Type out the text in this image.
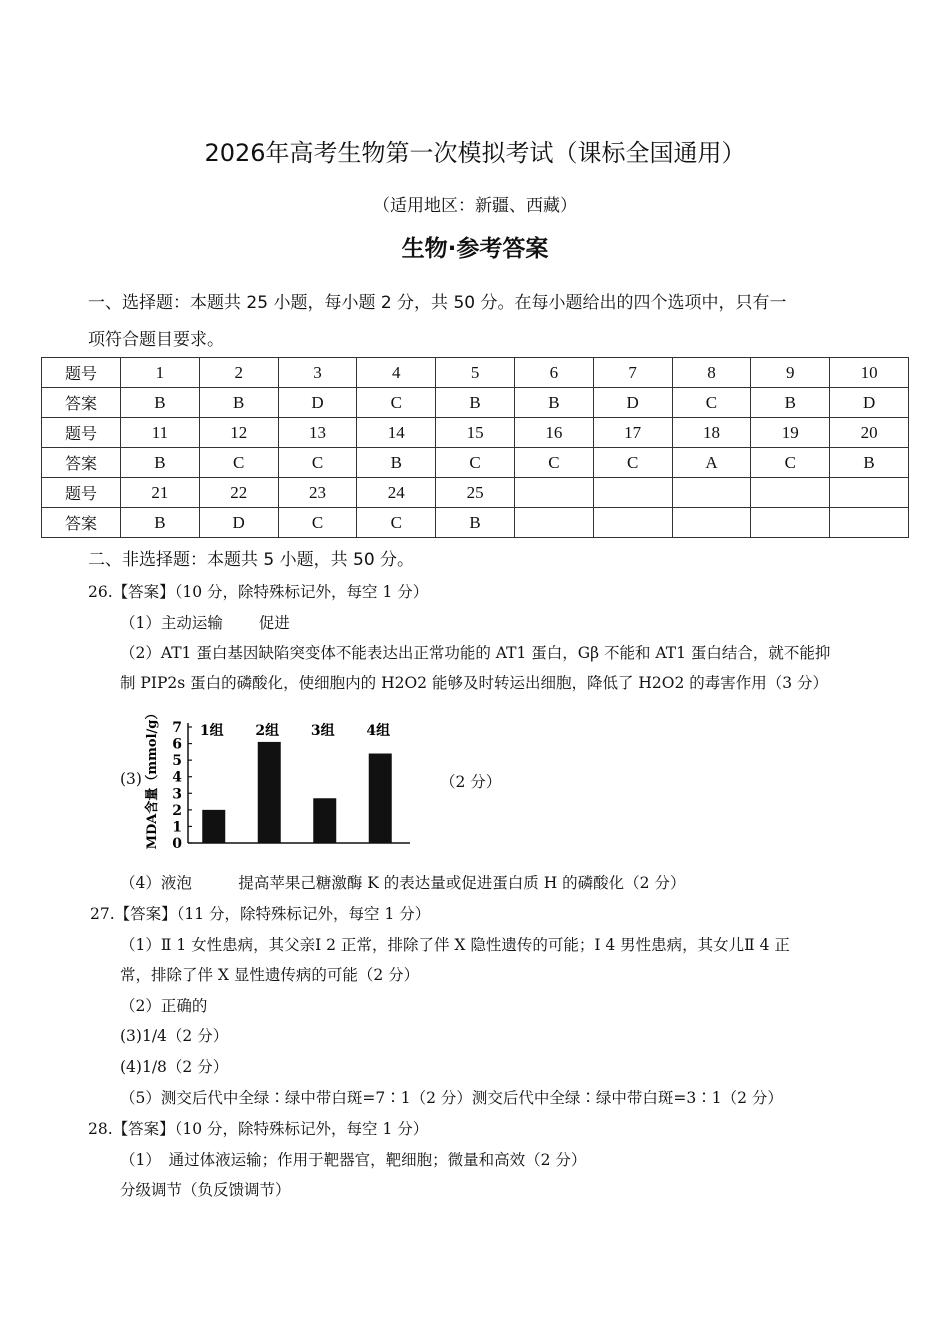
2026年高考生物第一次模拟考试（课标全国通用）
（适用地区：新疆、西藏）
生物·参考答案
一、选择题：本题共 25 小题，每小题 2 分，共 50 分。在每小题给出的四个选项中，只有一
项符合题目要求。
题号	1	2	3	4	5	6	7	8	9	10
答案	B	B	D	C	B	B	D	C	B	D
题号	11	12	13	14	15	16	17	18	19	20
答案	B	C	C	B	C	C	C	A	C	B
题号	21	22	23	24	25					
答案	B	D	C	C	B					
二、非选择题：本题共 5 小题，共 50 分。
26.【答案】（10 分，除特殊标记外，每空 1 分）
（1）主动运输　　 促进
（2）AT1 蛋白基因缺陷突变体不能表达出正常功能的 AT1 蛋白，Gβ 不能和 AT1 蛋白结合，就不能抑
制 PIP2s 蛋白的磷酸化，使细胞内的 H2O2 能够及时转运出细胞，降低了 H2O2 的毒害作用（3 分）
(3) MDA含量（mmol/g） 0
1
2
3
4
5
6
7 1组 2组 3组 4组
（2 分）
（4）液泡　　　提高苹果己糖激酶 K 的表达量或促进蛋白质 H 的磷酸化（2 分）
27.【答案】（11 分，除特殊标记外，每空 1 分）
（1）Ⅱ 1 女性患病，其父亲Ⅰ 2 正常，排除了伴 X 隐性遗传的可能；Ⅰ 4 男性患病，其女儿Ⅱ 4 正
常，排除了伴 X 显性遗传病的可能（2 分）
（2）正确的
(3)1/4（2 分）
(4)1/8（2 分）
（5）测交后代中全绿∶绿中带白斑=7∶1（2 分）测交后代中全绿∶绿中带白斑=3∶1（2 分）
28.【答案】（10 分，除特殊标记外，每空 1 分）
（1）　通过体液运输；作用于靶器官，靶细胞；微量和高效（2 分）
分级调节（负反馈调节）
